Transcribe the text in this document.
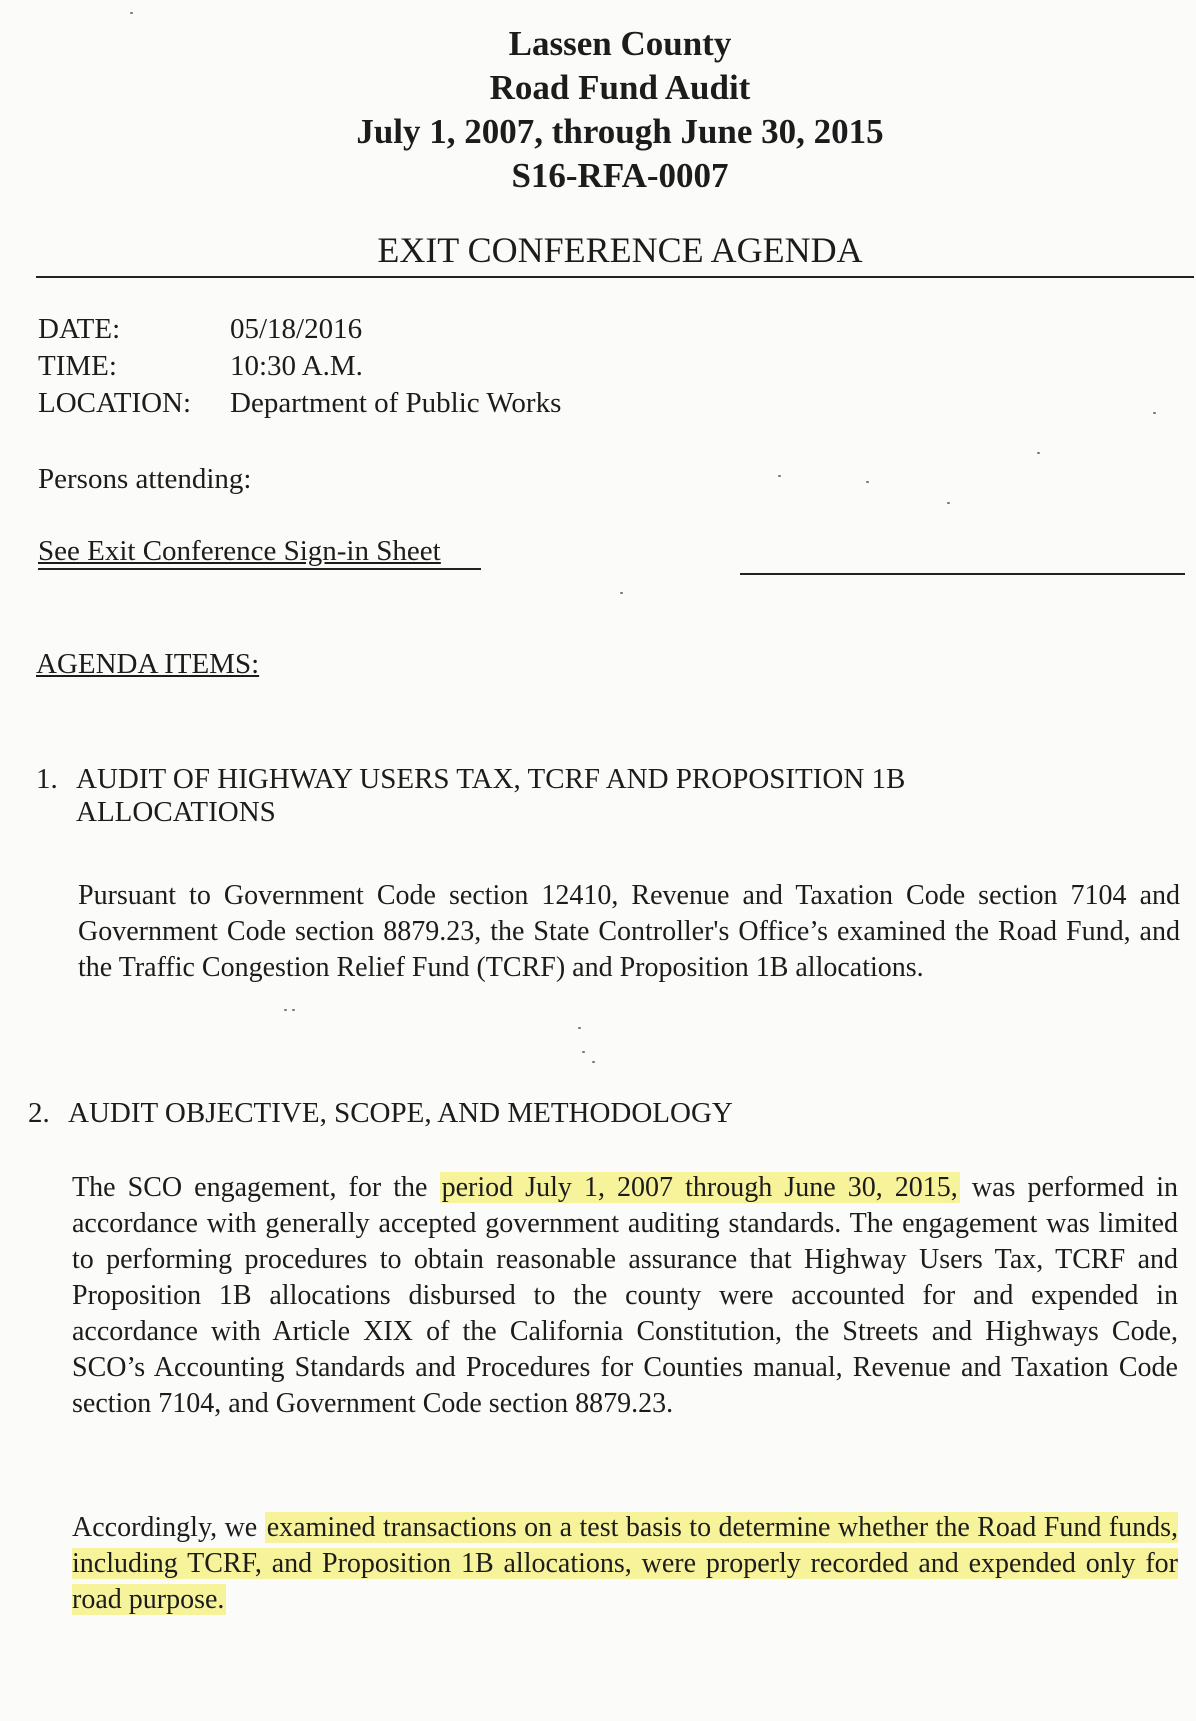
Lassen County
Road Fund Audit
July 1, 2007, through June 30, 2015
S16-RFA-0007
EXIT CONFERENCE AGENDA
DATE:	05/18/2016
TIME:	10:30 A.M.
LOCATION:	Department of Public Works
Persons attending:
See Exit Conference Sign-in Sheet
AGENDA ITEMS:
1. AUDIT OF HIGHWAY USERS TAX, TCRF AND PROPOSITION 1B
ALLOCATIONS

Pursuant to Government Code section 12410, Revenue and Taxation Code section 7104 and Government Code section 8879.23, the State Controller's Office’s examined the Road Fund, and the Traffic Congestion Relief Fund (TCRF) and Proposition 1B allocations.

2. AUDIT OBJECTIVE, SCOPE, AND METHODOLOGY

The SCO engagement, for the period July 1, 2007 through June 30, 2015, was performed in accordance with generally accepted government auditing standards. The engagement was limited to performing procedures to obtain reasonable assurance that Highway Users Tax, TCRF and Proposition 1B allocations disbursed to the county were accounted for and expended in accordance with Article XIX of the California Constitution, the Streets and Highways Code, SCO’s Accounting Standards and Procedures for Counties manual, Revenue and Taxation Code section 7104, and Government Code section 8879.23.

Accordingly, we examined transactions on a test basis to determine whether the Road Fund funds, including TCRF, and Proposition 1B allocations, were properly recorded and expended only for road purpose.
